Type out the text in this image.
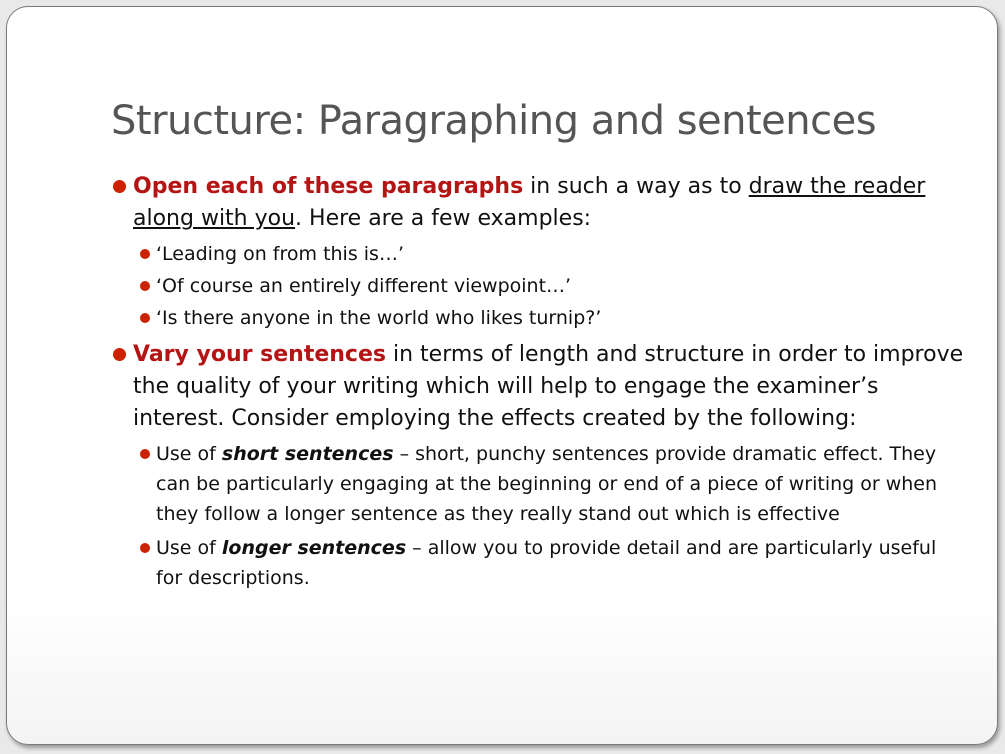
Structure: Paragraphing and sentences

Open each of these paragraphs in such a way as to draw the reader along with you. Here are a few examples:

‘Leading on from this is…’

‘Of course an entirely different viewpoint…’

‘Is there anyone in the world who likes turnip?’

Vary your sentences in terms of length and structure in order to improve the quality of your writing which will help to engage the examiner’s interest. Consider employing the effects created by the following:

Use of short sentences – short, punchy sentences provide dramatic effect. They can be particularly engaging at the beginning or end of a piece of writing or when they follow a longer sentence as they really stand out which is effective

Use of longer sentences – allow you to provide detail and are particularly useful for descriptions.
